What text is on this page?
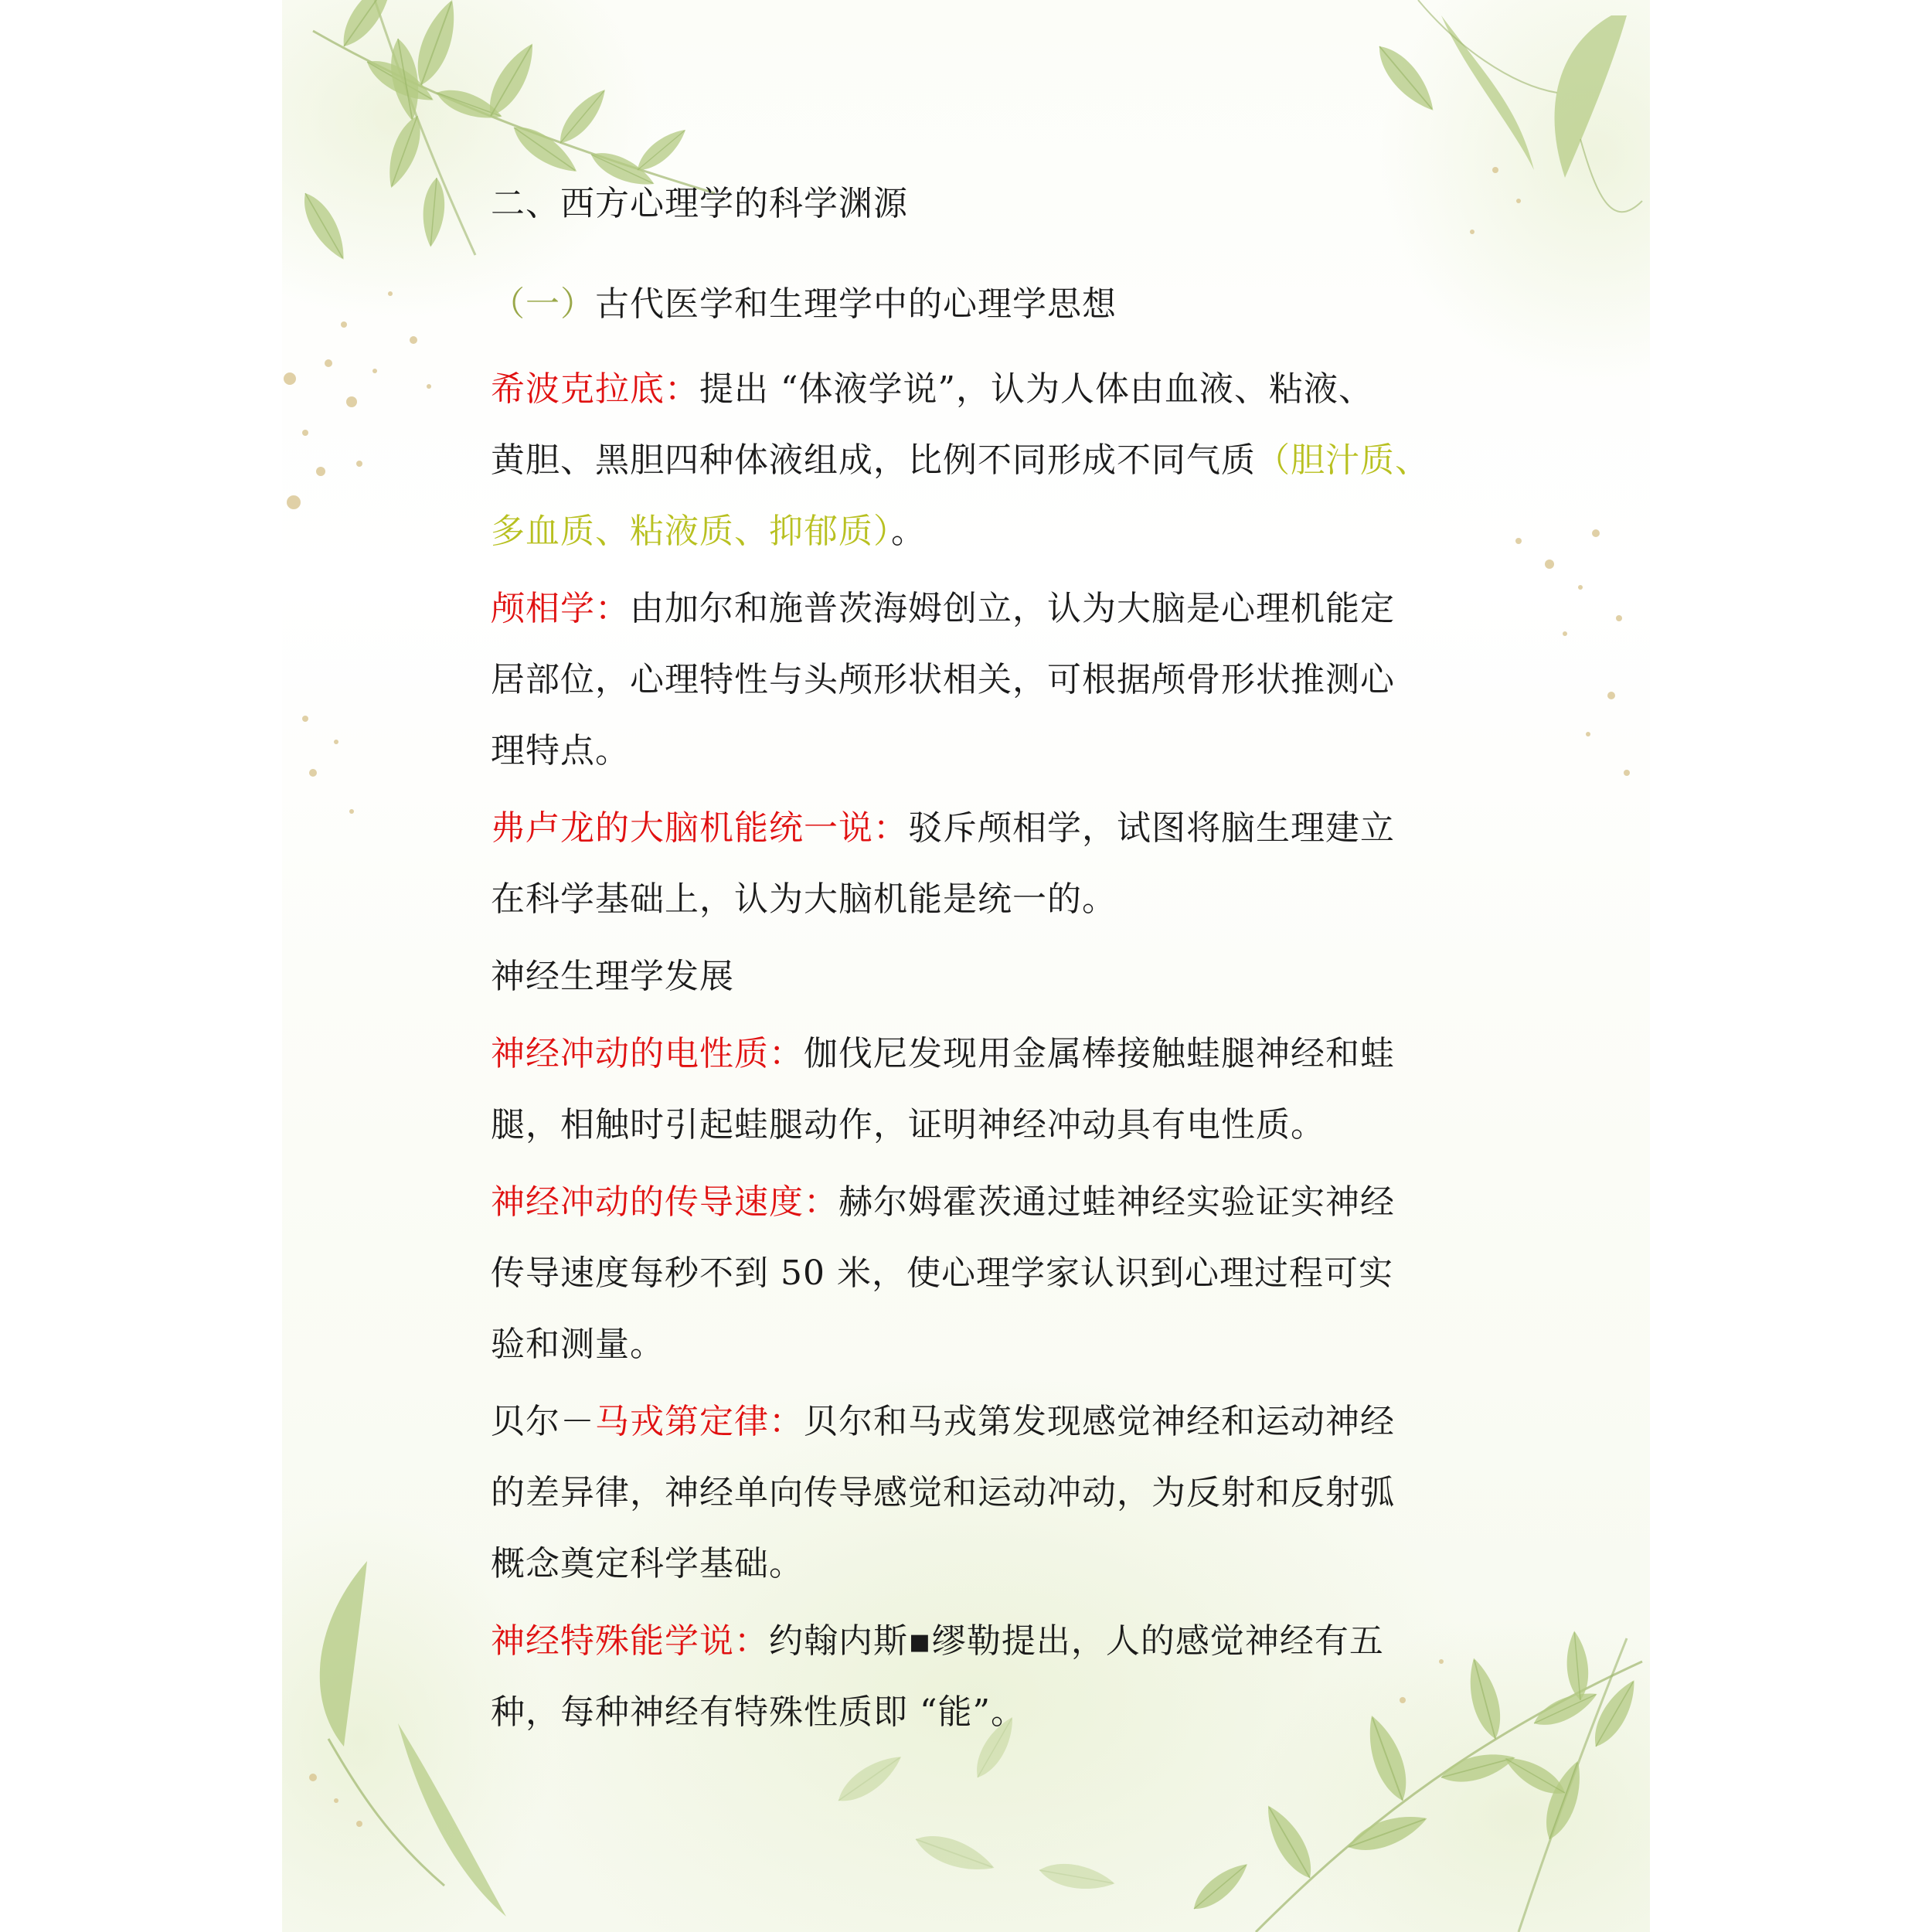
二、西方心理学的科学渊源

（一）古代医学和生理学中的心理学思想

希波克拉底：提出 “体液学说”，认为人体由血液、粘液、

黄胆、黑胆四种体液组成，比例不同形成不同气质（胆汁质、

多血质、粘液质、抑郁质）。

颅相学：由加尔和施普茨海姆创立，认为大脑是心理机能定

居部位，心理特性与头颅形状相关，可根据颅骨形状推测心

理特点。

弗卢龙的大脑机能统一说：驳斥颅相学，试图将脑生理建立

在科学基础上，认为大脑机能是统一的。

神经生理学发展

神经冲动的电性质：伽伐尼发现用金属棒接触蛙腿神经和蛙

腿，相触时引起蛙腿动作，证明神经冲动具有电性质。

神经冲动的传导速度：赫尔姆霍茨通过蛙神经实验证实神经

传导速度每秒不到 50 米，使心理学家认识到心理过程可实

验和测量。

贝尔－马戎第定律：贝尔和马戎第发现感觉神经和运动神经

的差异律，神经单向传导感觉和运动冲动，为反射和反射弧

概念奠定科学基础。

神经特殊能学说：约翰内斯▪缪勒提出，人的感觉神经有五

种，每种神经有特殊性质即 “能”。
